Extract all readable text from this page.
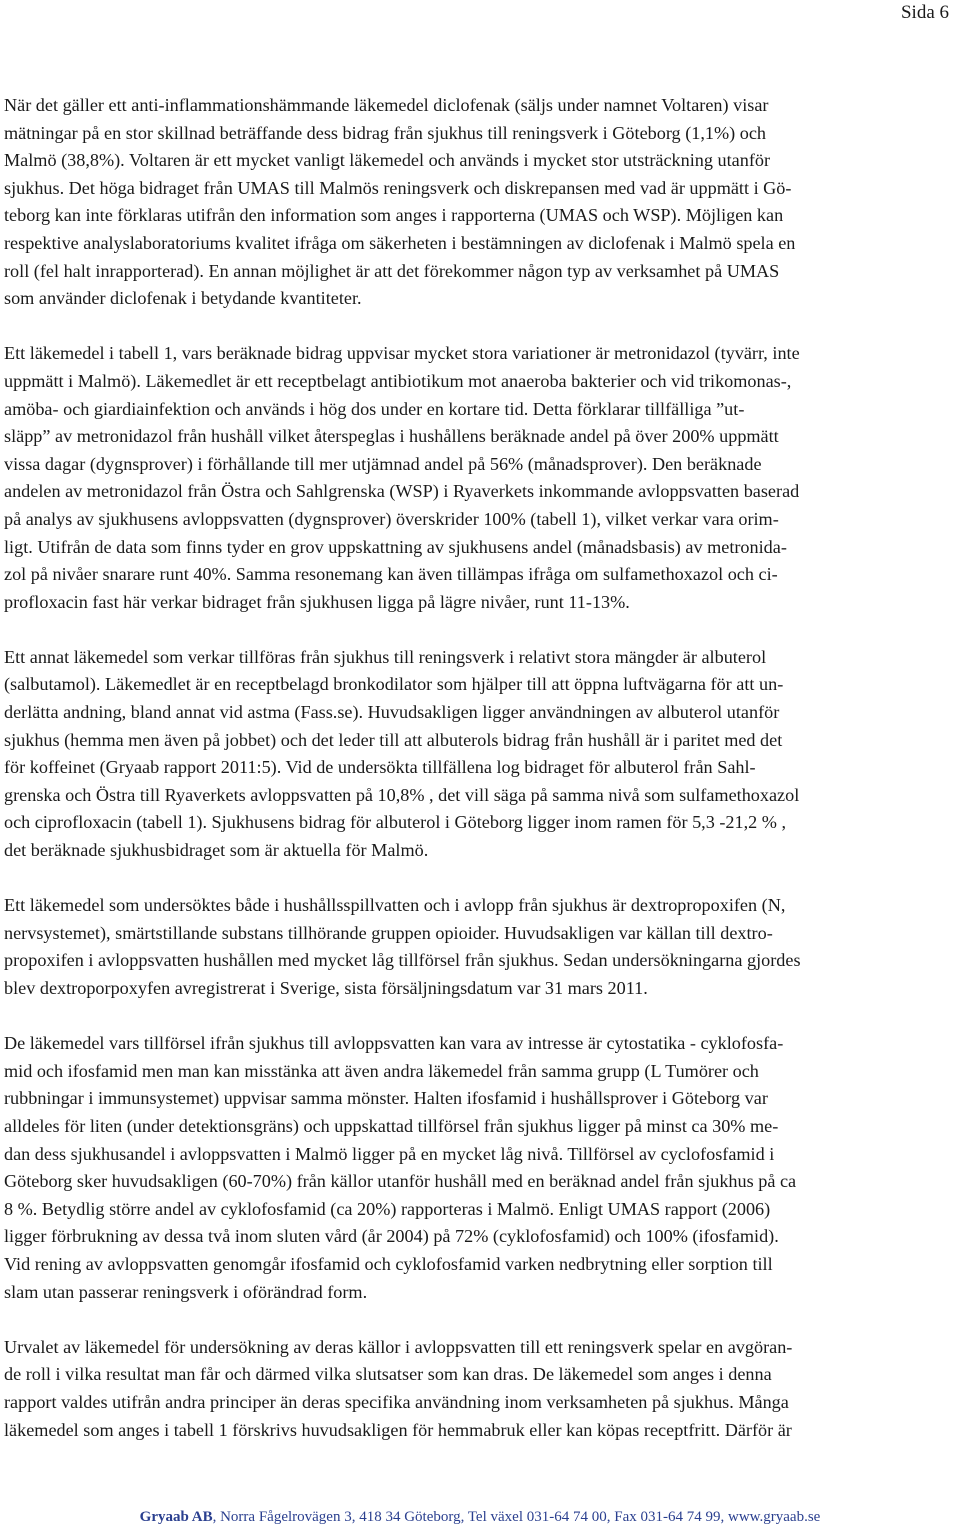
Sida 6

När det gäller ett anti-inflammationshämmande läkemedel diclofenak (säljs under namnet Voltaren) visar
mätningar på en stor skillnad beträffande dess bidrag från sjukhus till reningsverk i Göteborg (1,1%) och
Malmö (38,8%). Voltaren är ett mycket vanligt läkemedel och används i mycket stor utsträckning utanför
sjukhus. Det höga bidraget från UMAS till Malmös reningsverk och diskrepansen med vad är uppmätt i Gö-
teborg kan inte förklaras utifrån den information som anges i rapporterna (UMAS och WSP). Möjligen kan
respektive analyslaboratoriums kvalitet ifråga om säkerheten i bestämningen av diclofenak i Malmö spela en
roll (fel halt inrapporterad). En annan möjlighet är att det förekommer någon typ av verksamhet på UMAS
som använder diclofenak i betydande kvantiteter.

Ett läkemedel i tabell 1, vars beräknade bidrag uppvisar mycket stora variationer är metronidazol (tyvärr, inte
uppmätt i Malmö). Läkemedlet är ett receptbelagt antibiotikum mot anaeroba bakterier och vid trikomonas-,
amöba- och giardiainfektion och används i hög dos under en kortare tid. Detta förklarar tillfälliga ”ut-
släpp” av metronidazol från hushåll vilket återspeglas i hushållens beräknade andel på över 200% uppmätt
vissa dagar (dygnsprover) i förhållande till mer utjämnad andel på 56% (månadsprover). Den beräknade
andelen av metronidazol från Östra och Sahlgrenska (WSP) i Ryaverkets inkommande avloppsvatten baserad
på analys av sjukhusens avloppsvatten (dygnsprover) överskrider 100% (tabell 1), vilket verkar vara orim-
ligt. Utifrån de data som finns tyder en grov uppskattning av sjukhusens andel (månadsbasis) av metronida-
zol på nivåer snarare runt 40%. Samma resonemang kan även tillämpas ifråga om sulfamethoxazol och ci-
profloxacin fast här verkar bidraget från sjukhusen ligga på lägre nivåer, runt 11-13%.

Ett annat läkemedel som verkar tillföras från sjukhus till reningsverk i relativt stora mängder är albuterol
(salbutamol). Läkemedlet är en receptbelagd bronkodilator som hjälper till att öppna luftvägarna för att un-
derlätta andning, bland annat vid astma (Fass.se). Huvudsakligen ligger användningen av albuterol utanför
sjukhus (hemma men även på jobbet) och det leder till att albuterols bidrag från hushåll är i paritet med det
för koffeinet (Gryaab rapport 2011:5). Vid de undersökta tillfällena log bidraget för albuterol från Sahl-
grenska och Östra till Ryaverkets avloppsvatten på 10,8% , det vill säga på samma nivå som sulfamethoxazol
och ciprofloxacin (tabell 1). Sjukhusens bidrag för albuterol i Göteborg ligger inom ramen för 5,3 -21,2 % ,
det beräknade sjukhusbidraget som är aktuella för Malmö.

Ett läkemedel som undersöktes både i hushållsspillvatten och i avlopp från sjukhus är dextropropoxifen (N,
nervsystemet), smärtstillande substans tillhörande gruppen opioider. Huvudsakligen var källan till dextro-
propoxifen i avloppsvatten hushållen med mycket låg tillförsel från sjukhus. Sedan undersökningarna gjordes
blev dextroporpoxyfen avregistrerat i Sverige, sista försäljningsdatum var 31 mars 2011.

De läkemedel vars tillförsel ifrån sjukhus till avloppsvatten kan vara av intresse är cytostatika - cyklofosfa-
mid och ifosfamid men man kan misstänka att även andra läkemedel från samma grupp (L Tumörer och
rubbningar i immunsystemet) uppvisar samma mönster. Halten ifosfamid i hushållsprover i Göteborg var
alldeles för liten (under detektionsgräns) och uppskattad tillförsel från sjukhus ligger på minst ca 30% me-
dan dess sjukhusandel i avloppsvatten i Malmö ligger på en mycket låg nivå. Tillförsel av cyclofosfamid i
Göteborg sker huvudsakligen (60-70%) från källor utanför hushåll med en beräknad andel från sjukhus på ca
8 %. Betydlig större andel av cyklofosfamid (ca 20%) rapporteras i Malmö. Enligt UMAS rapport (2006)
ligger förbrukning av dessa två inom sluten vård (år 2004) på 72% (cyklofosfamid) och 100% (ifosfamid).
Vid rening av avloppsvatten genomgår ifosfamid och cyklofosfamid varken nedbrytning eller sorption till
slam utan passerar reningsverk i oförändrad form.

Urvalet av läkemedel för undersökning av deras källor i avloppsvatten till ett reningsverk spelar en avgöran-
de roll i vilka resultat man får och därmed vilka slutsatser som kan dras. De läkemedel som anges i denna
rapport valdes utifrån andra principer än deras specifika användning inom verksamheten på sjukhus. Många
läkemedel som anges i tabell 1 förskrivs huvudsakligen för hemmabruk eller kan köpas receptfritt. Därför är

Gryaab AB, Norra Fågelrovägen 3, 418 34 Göteborg, Tel växel 031-64 74 00, Fax 031-64 74 99, www.gryaab.se
